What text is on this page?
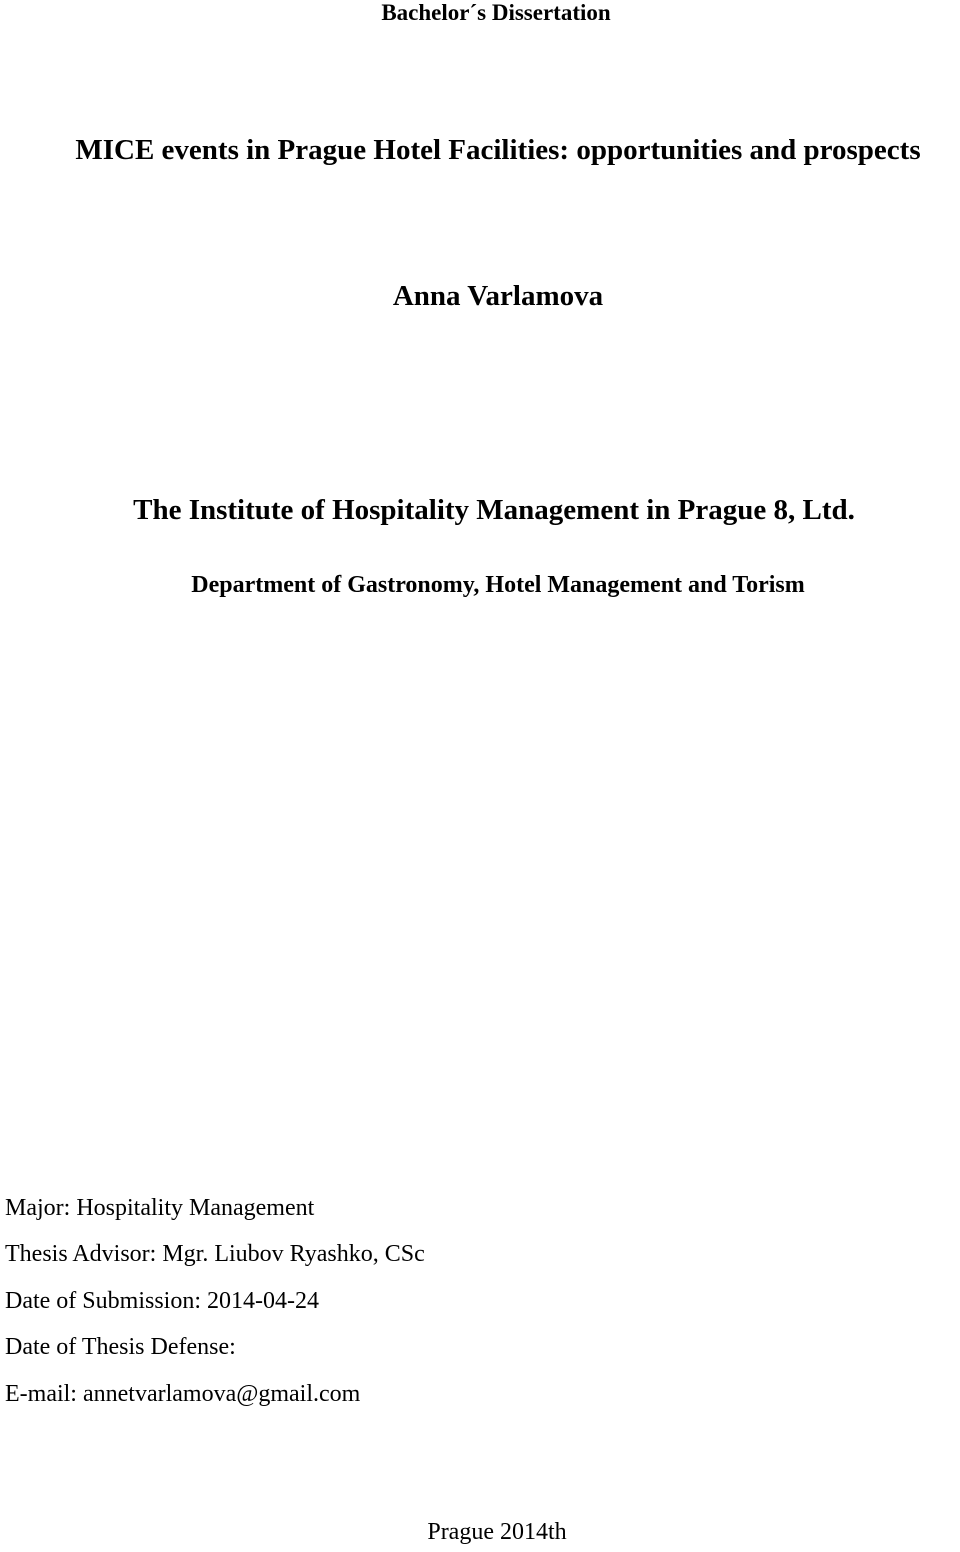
Bachelor´s Dissertation
MICE events in Prague Hotel Facilities: opportunities and prospects
Anna Varlamova
The Institute of Hospitality Management in Prague 8, Ltd.
Department of Gastronomy, Hotel Management and Torism
Major: Hospitality Management
Thesis Advisor: Mgr. Liubov Ryashko, CSc
Date of Submission: 2014-04-24
Date of Thesis Defense:
E-mail: annetvarlamova@gmail.com
Prague 2014th
